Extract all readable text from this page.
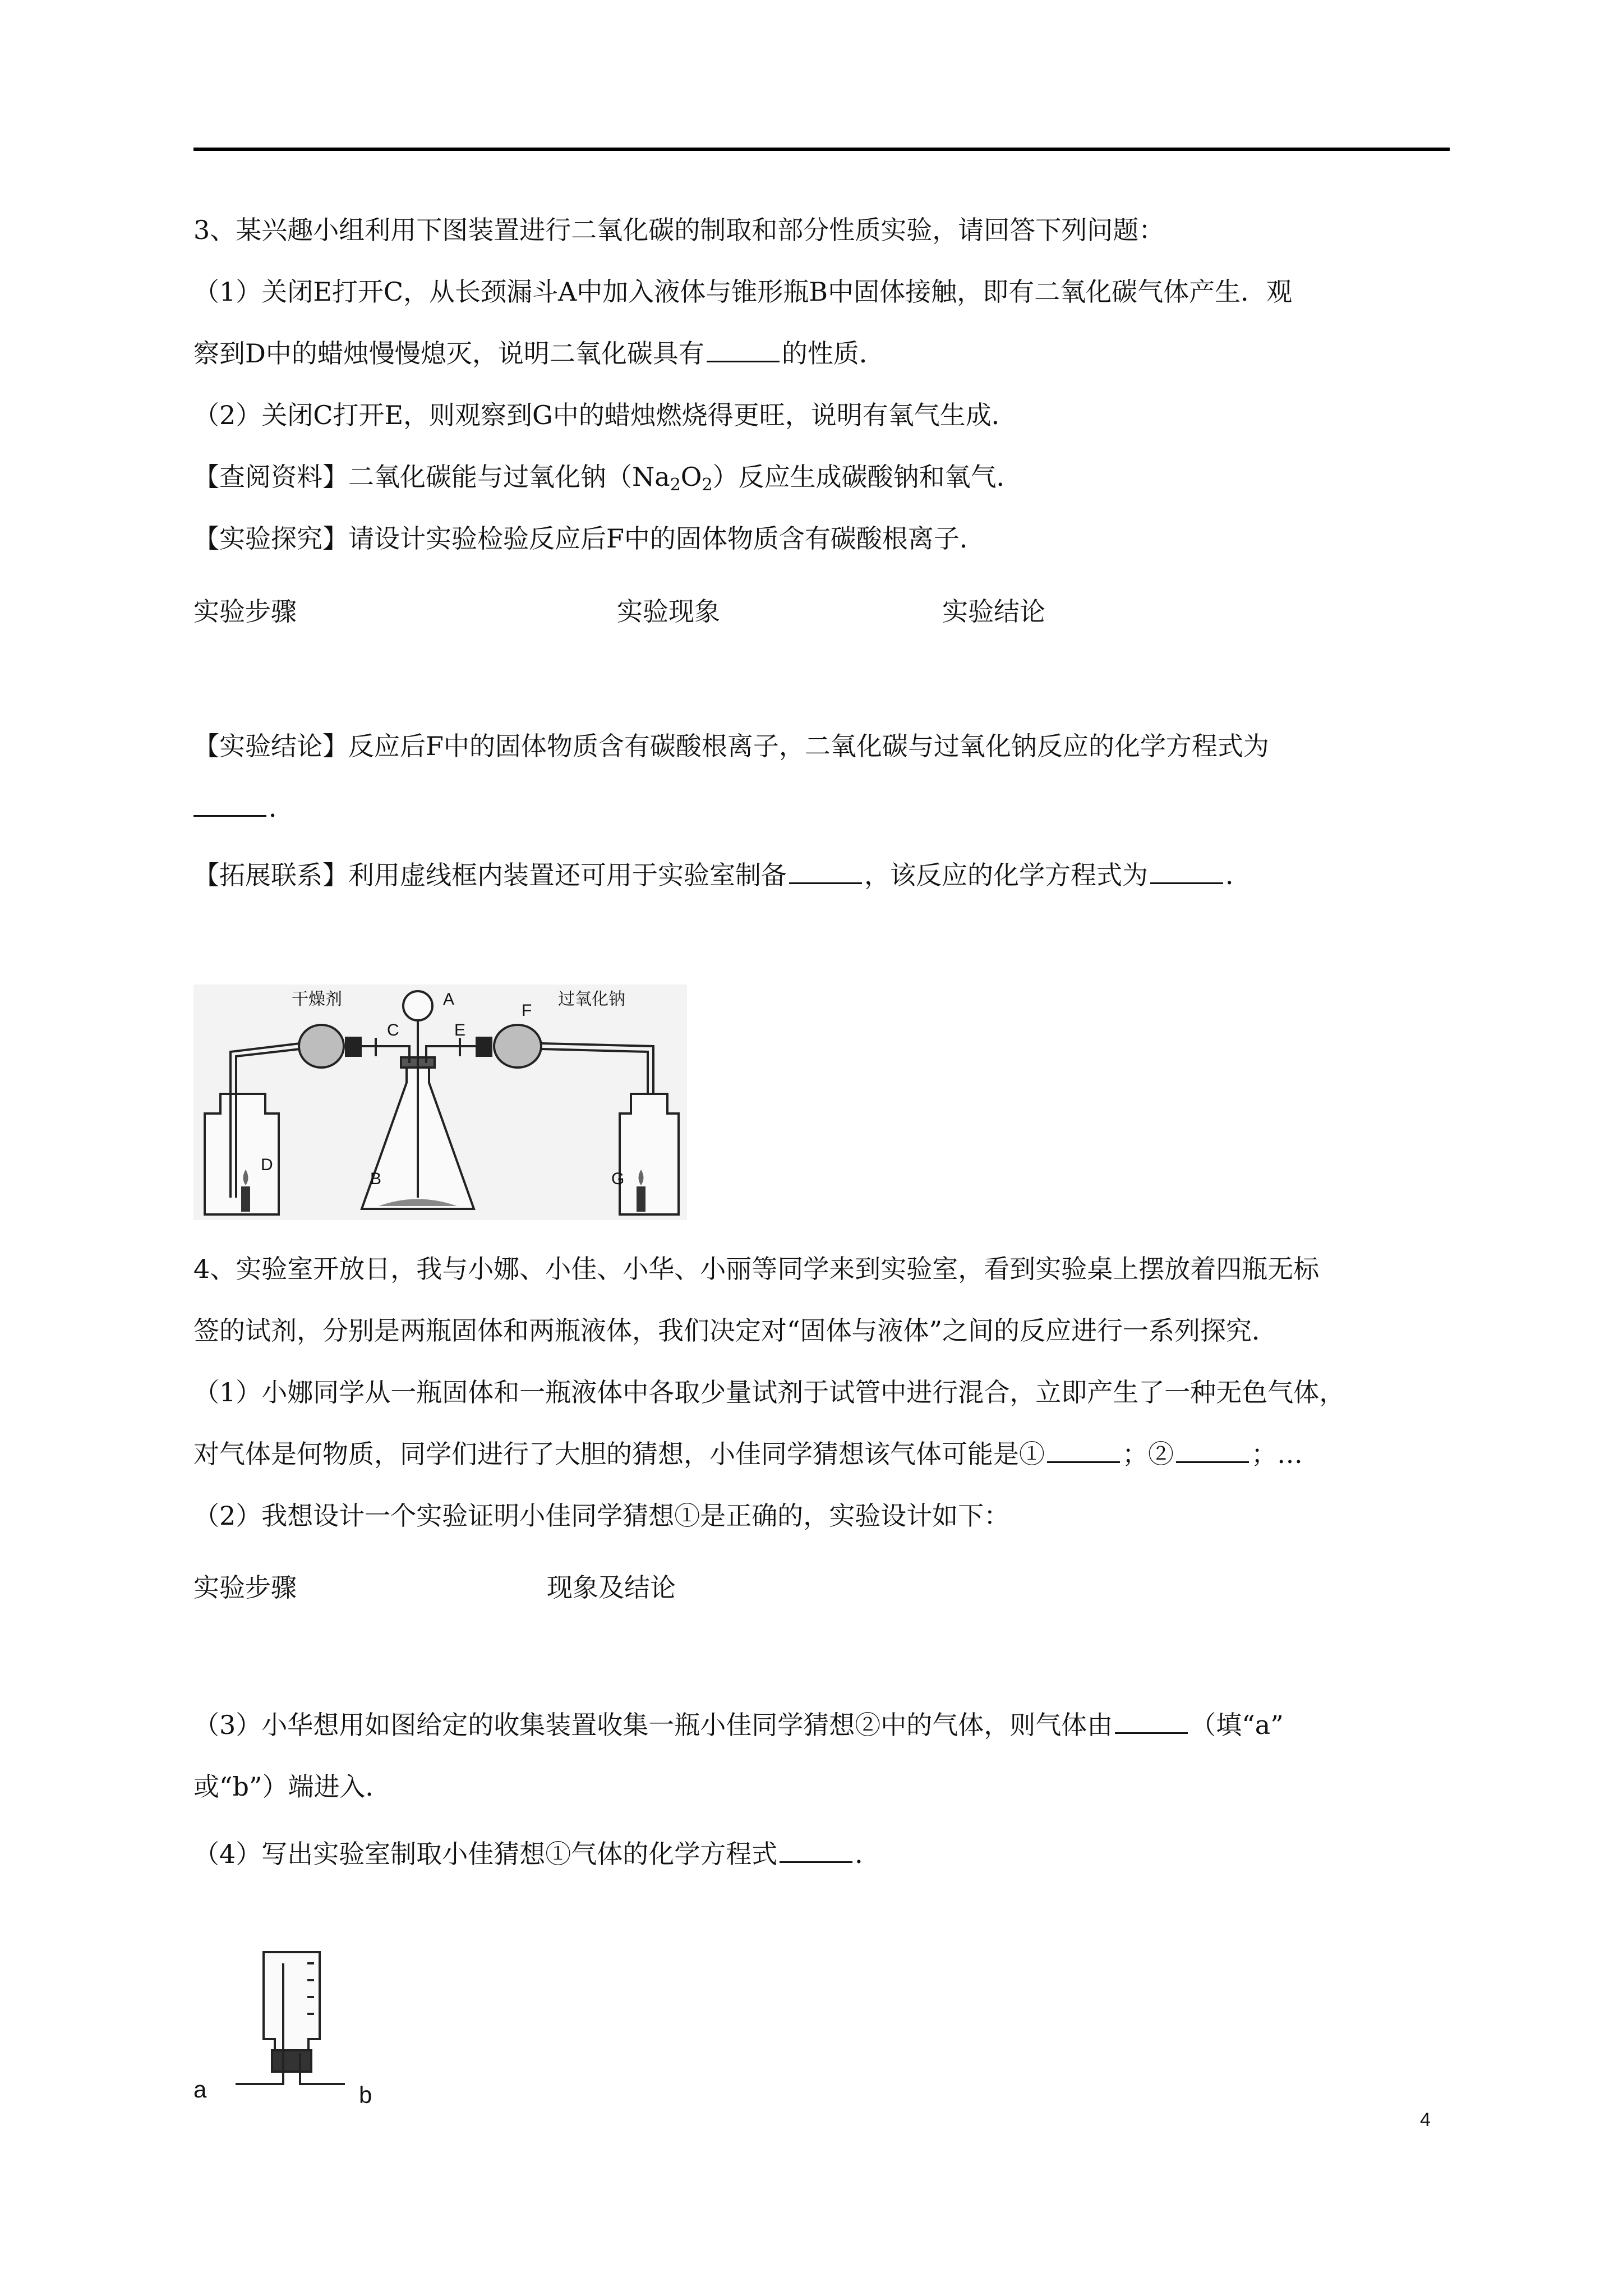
3、某兴趣小组利用下图装置进行二氧化碳的制取和部分性质实验，请回答下列问题：
（1）关闭E打开C，从长颈漏斗A中加入液体与锥形瓶B中固体接触，即有二氧化碳气体产生．观
察到D中的蜡烛慢慢熄灭，说明二氧化碳具有	的性质．
（2）关闭C打开E，则观察到G中的蜡烛燃烧得更旺，说明有氧气生成．
【查阅资料】二氧化碳能与过氧化钠$(Na_2O_2)$反应生成碳酸钠和氧气．
【实验探究】请设计实验检验反应后F中的固体物质含有碳酸根离子．
实验步骤	实验现象	实验结论
【实验结论】反应后F中的固体物质含有碳酸根离子，二氧化碳与过氧化钠反应的化学方程式为
．
【拓展联系】利用虚线框内装置还可用于实验室制备	，该反应的化学方程式为	．
干燥剂	过氧化钠
A
B
C
D
E
F
G
4、实验室开放日，我与小娜、小佳、小华、小丽等同学来到实验室，看到实验桌上摆放着四瓶无标
签的试剂，分别是两瓶固体和两瓶液体，我们决定对“固体与液体”之间的反应进行一系列探究．
（1）小娜同学从一瓶固体和一瓶液体中各取少量试剂于试管中进行混合，立即产生了一种无色气体，
对气体是何物质，同学们进行了大胆的猜想，小佳同学猜想该气体可能是①	；②	；…
（2）我想设计一个实验证明小佳同学猜想①是正确的，实验设计如下：
实验步骤	现象及结论
（3）小华想用如图给定的收集装置收集一瓶小佳同学猜想②中的气体，则气体由	（填“a”
或“b”）端进入．
（4）写出实验室制取小佳猜想①气体的化学方程式	．
a	b
4
